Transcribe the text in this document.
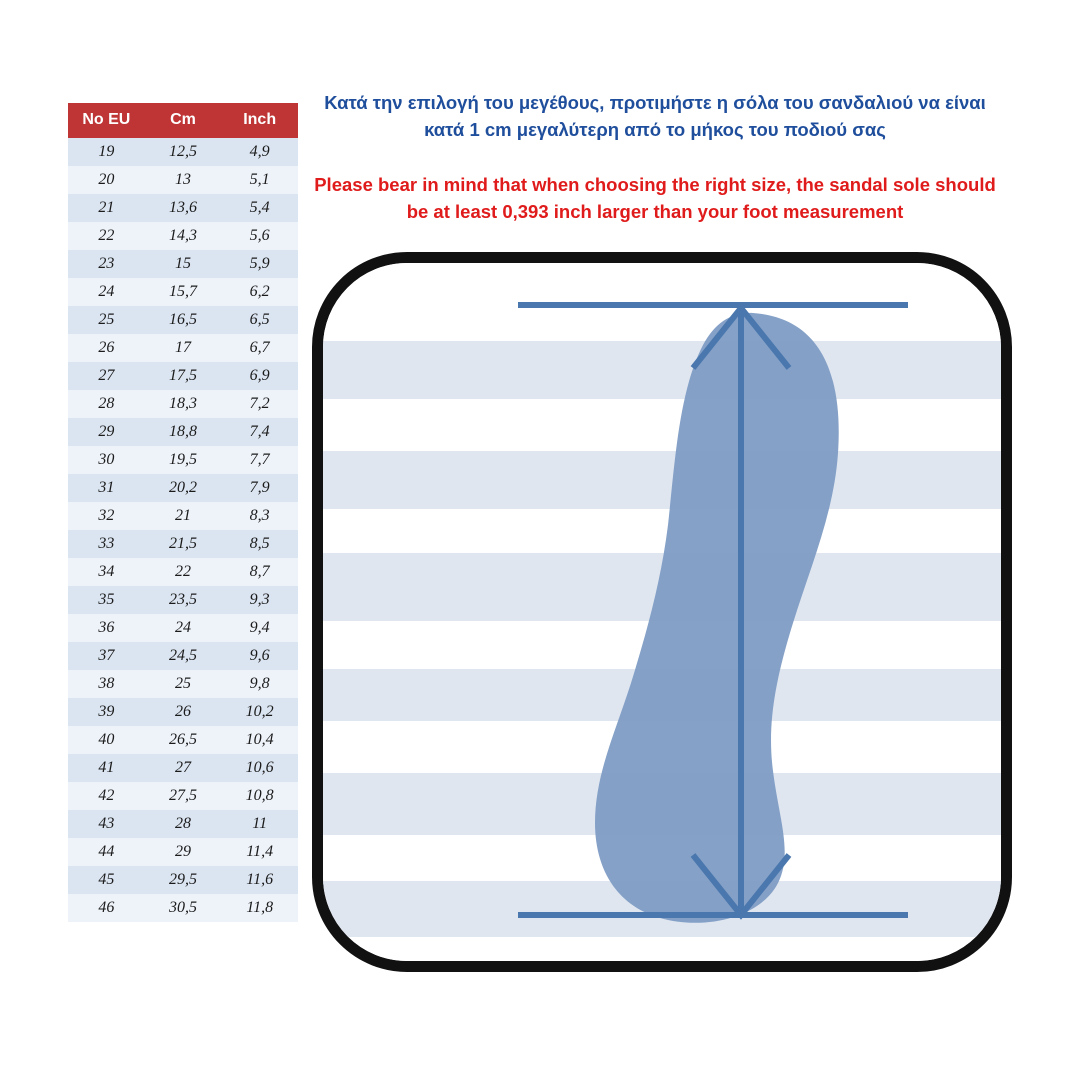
No EU	Cm	Inch
19	12,5	4,9
20	13	5,1
21	13,6	5,4
22	14,3	5,6
23	15	5,9
24	15,7	6,2
25	16,5	6,5
26	17	6,7
27	17,5	6,9
28	18,3	7,2
29	18,8	7,4
30	19,5	7,7
31	20,2	7,9
32	21	8,3
33	21,5	8,5
34	22	8,7
35	23,5	9,3
36	24	9,4
37	24,5	9,6
38	25	9,8
39	26	10,2
40	26,5	10,4
41	27	10,6
42	27,5	10,8
43	28	11
44	29	11,4
45	29,5	11,6
46	30,5	11,8
Κατά την επιλογή του μεγέθους, προτιμήστε η σόλα του σανδαλιού να είναι κατά 1 cm μεγαλύτερη από το μήκος του ποδιού σας
Please bear in mind that when choosing the right size, the sandal sole should be at least 0,393 inch larger than your foot measurement
